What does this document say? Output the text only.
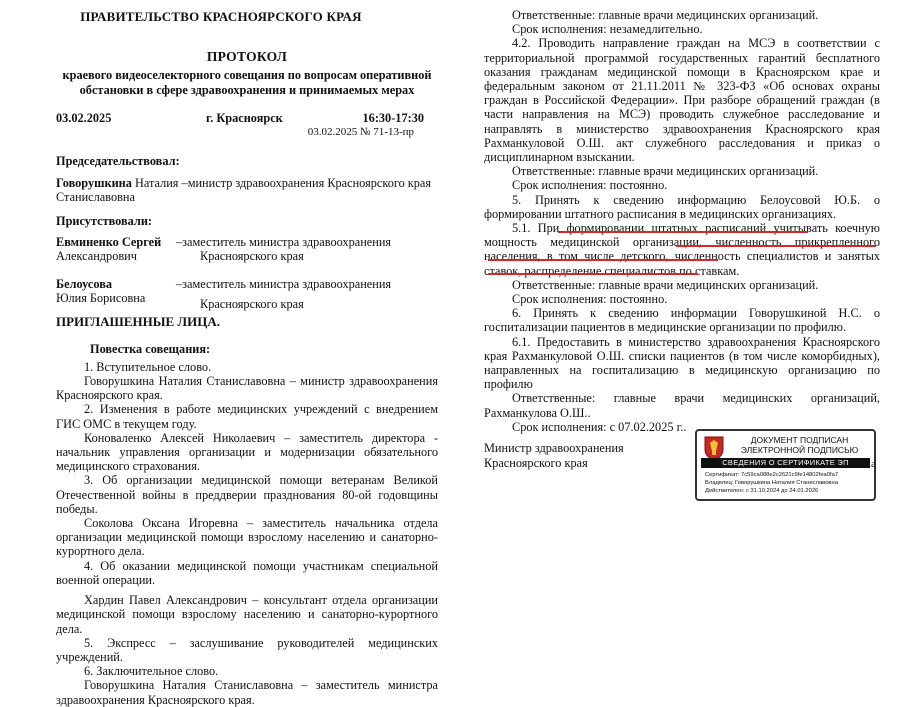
ПРАВИТЕЛЬСТВО КРАСНОЯРСКОГО КРАЯ
ПРОТОКОЛ
краевого видеоселекторного совещания по вопросам оперативной
обстановки в сфере здравоохранения и принимаемых мерах
03.02.2025	г. Красноярск	16:30-17:30
03.02.2025 № 71-13-пр
Председательствовал:
Говорушкина Наталия –министр здравоохранения Красноярского края
Станиславовна
Присутствовали:
Евминенко Сергей –заместитель министра здравоохранения
Александрович	Красноярского края
Белоусова	–заместитель министра здравоохранения
Юлия Борисовна	Красноярского края
ПРИГЛАШЕННЫЕ ЛИЦА.
Повестка совещания:

1. Вступительное слово.

Говорушкина Наталия Станиславовна – министр здравоохранения Красноярского края.

2. Изменения в работе медицинских учреждений с внедрением ГИС ОМС в текущем году.

Коноваленко Алексей Николаевич – заместитель директора - начальник управления организации и модернизации обязательного медицинского страхования.

3. Об организации медицинской помощи ветеранам Великой Отечественной войны в преддверии празднования 80-ой годовщины победы.

Соколова Оксана Игоревна – заместитель начальника отдела организации медицинской помощи взрослому населению и санаторно-курортного дела.

4. Об оказании медицинской помощи участникам специальной военной операции.

Хардин Павел Александрович – консультант отдела организации медицинской помощи взрослому населению и санаторно-курортного дела.

5. Экспресс – заслушивание руководителей медицинских учреждений.

6. Заключительное слово.

Говорушкина Наталия Станиславовна – заместитель министра здравоохранения Красноярского края.

Ответственные: главные врачи медицинских организаций.

Срок исполнения: незамедлительно.

4.2. Проводить направление граждан на МСЭ в соответствии с территориальной программой государственных гарантий бесплатного оказания гражданам медицинской помощи в Красноярском крае и федеральным законом от 21.11.2011 № 323-ФЗ «Об основах охраны граждан в Российской Федерации». При разборе обращений граждан (в части направления на МСЭ) проводить служебное расследование и направлять в министерство здравоохранения Красноярского края Рахманкуловой О.Ш. акт служебного расследования и приказ о дисциплинарном взыскании.

Ответственные: главные врачи медицинских организаций.

Срок исполнения: постоянно.

5. Принять к сведению информацию Белоусовой Ю.Б. о формировании штатного расписания в медицинских организациях.

5.1. При формировании штатных расписаний учитывать коечную мощность медицинской организации, численность прикрепленного населения, в том числе детского, численность специалистов и занятых ставок, распределение специалистов по ставкам.

Ответственные: главные врачи медицинских организаций.

Срок исполнения: постоянно.

6. Принять к сведению информации Говорушкиной Н.С. о госпитализации пациентов в медицинские организации по профилю.

6.1. Предоставить в министерство здравоохранения Красноярского края Рахманкуловой О.Ш. списки пациентов (в том числе коморбидных), направленных на госпитализацию в медицинскую организацию по профилю

Ответственные: главные врачи медицинских организаций, Рахманкулова О.Ш..

Срок исполнения: с 07.02.2025 г..

Министр здравоохранения
Красноярского края
ДОКУМЕНТ ПОДПИСАН
ЭЛЕКТРОННОЙ ПОДПИСЬЮ
СВЕДЕНИЯ О СЕРТИФИКАТЕ ЭП
Сертификат: 7c59ca088e2c2621c9fe14802fea0fa7
Владелец: Говорушкина Наталия Станиславовна
Действителен: с 31.10.2024 до 24.01.2026
а
